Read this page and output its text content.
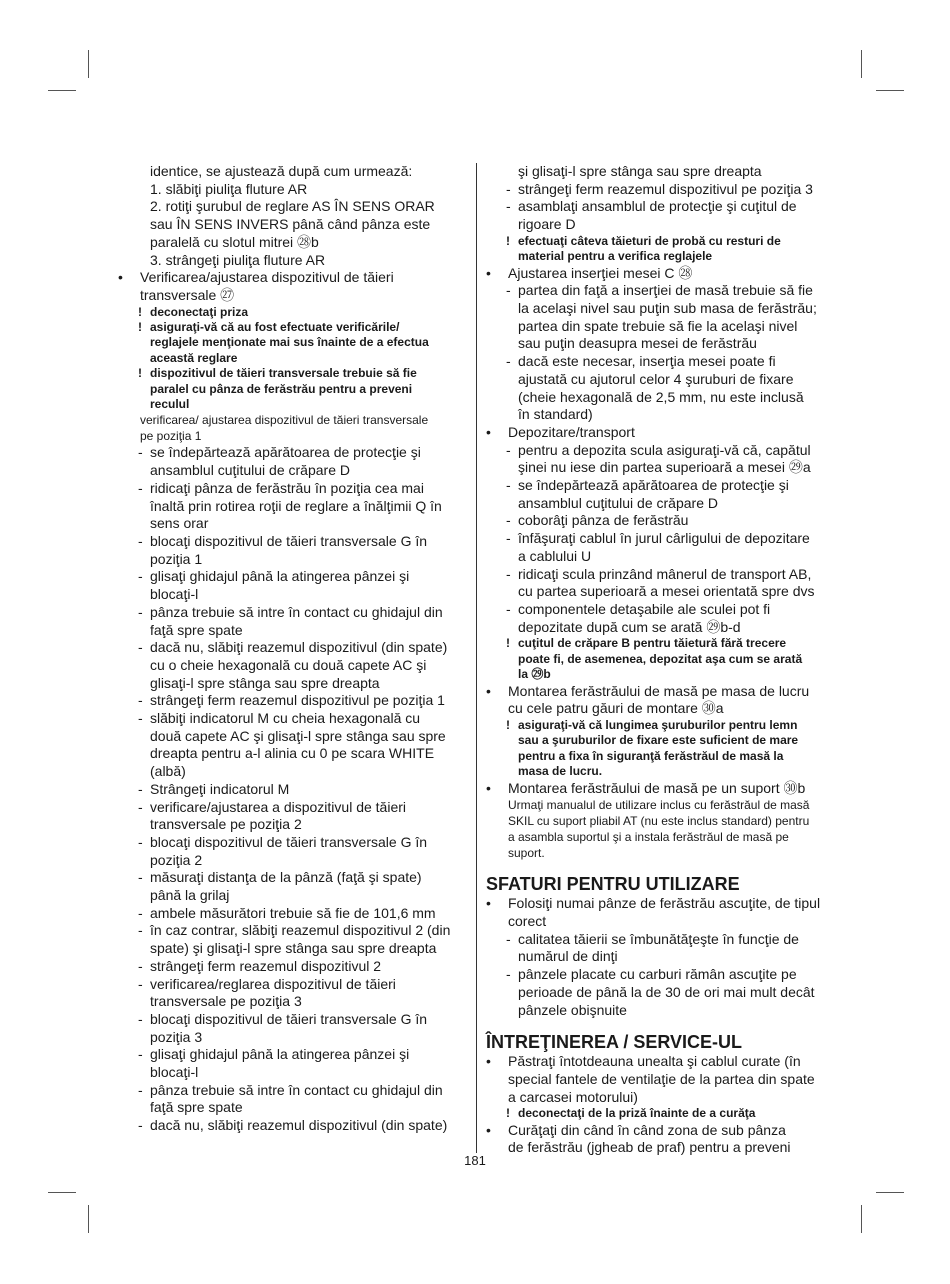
identice, se ajustează după cum urmează:
1. slăbiţi piuliţa fluture AR
2. rotiţi şurubul de reglare AS ÎN SENS ORAR
sau ÎN SENS INVERS până când pânza este
paralelă cu slotul mitrei ㉘b
3. strângeţi piuliţa fluture AR
• Verificarea/ajustarea dispozitivul de tăieri
transversale ㉗
! deconectaţi priza
! asiguraţi-vă că au fost efectuate verificările/
reglajele menţionate mai sus înainte de a efectua
această reglare
! dispozitivul de tăieri transversale trebuie să fie
paralel cu pânza de ferăstrău pentru a preveni
reculul
verificarea/ ajustarea dispozitivul de tăieri transversale
pe poziţia 1
- se îndepărtează apărătoarea de protecţie şi
ansamblul cuţitului de crăpare D
- ridicaţi pânza de ferăstrău în poziţia cea mai
înaltă prin rotirea roţii de reglare a înălţimii Q în
sens orar
- blocaţi dispozitivul de tăieri transversale G în
poziţia 1
- glisaţi ghidajul până la atingerea pânzei şi
blocaţi-l
- pânza trebuie să intre în contact cu ghidajul din
faţă spre spate
- dacă nu, slăbiţi reazemul dispozitivul (din spate)
cu o cheie hexagonală cu două capete AC şi
glisaţi-l spre stânga sau spre dreapta
- strângeţi ferm reazemul dispozitivul pe poziţia 1
- slăbiţi indicatorul M cu cheia hexagonală cu
două capete AC şi glisaţi-l spre stânga sau spre
dreapta pentru a-l alinia cu 0 pe scara WHITE
(albă)
- Strângeţi indicatorul M
- verificare/ajustarea a dispozitivul de tăieri
transversale pe poziţia 2
- blocaţi dispozitivul de tăieri transversale G în
poziţia 2
- măsuraţi distanţa de la pânză (faţă şi spate)
până la grilaj
- ambele măsurători trebuie să fie de 101,6 mm
- în caz contrar, slăbiţi reazemul dispozitivul 2 (din
spate) şi glisaţi-l spre stânga sau spre dreapta
- strângeţi ferm reazemul dispozitivul 2
- verificarea/reglarea dispozitivul de tăieri
transversale pe poziţia 3
- blocaţi dispozitivul de tăieri transversale G în
poziţia 3
- glisaţi ghidajul până la atingerea pânzei şi
blocaţi-l
- pânza trebuie să intre în contact cu ghidajul din
faţă spre spate
- dacă nu, slăbiţi reazemul dispozitivul (din spate)
şi glisaţi-l spre stânga sau spre dreapta
- strângeţi ferm reazemul dispozitivul pe poziţia 3
- asamblaţi ansamblul de protecţie şi cuţitul de
rigoare D
! efectuaţi câteva tăieturi de probă cu resturi de
material pentru a verifica reglajele
• Ajustarea inserţiei mesei C ㉘
- partea din faţă a inserţiei de masă trebuie să fie
la acelaşi nivel sau puţin sub masa de ferăstrău;
partea din spate trebuie să fie la acelaşi nivel
sau puţin deasupra mesei de ferăstrău
- dacă este necesar, inserţia mesei poate fi
ajustată cu ajutorul celor 4 şuruburi de fixare
(cheie hexagonală de 2,5 mm, nu este inclusă
în standard)
• Depozitare/transport
- pentru a depozita scula asiguraţi-vă că, capătul
şinei nu iese din partea superioară a mesei ㉙a
- se îndepărtează apărătoarea de protecţie şi
ansamblul cuţitului de crăpare D
- coborâţi pânza de ferăstrău
- înfăşuraţi cablul în jurul cârligului de depozitare
a cablului U
- ridicaţi scula prinzând mânerul de transport AB,
cu partea superioară a mesei orientată spre dvs
- componentele detaşabile ale sculei pot fi
depozitate după cum se arată ㉙b-d
! cuţitul de crăpare B pentru tăietură fără trecere
poate fi, de asemenea, depozitat aşa cum se arată
la ㉙b
• Montarea ferăstrăului de masă pe masa de lucru
cu cele patru găuri de montare ㉚a
! asiguraţi-vă că lungimea şuruburilor pentru lemn
sau a şuruburilor de fixare este suficient de mare
pentru a fixa în siguranţă ferăstrăul de masă la
masa de lucru.
• Montarea ferăstrăului de masă pe un suport ㉚b
Urmaţi manualul de utilizare inclus cu ferăstrăul de masă
SKIL cu suport pliabil AT (nu este inclus standard) pentru
a asambla suportul şi a instala ferăstrăul de masă pe
suport.
SFATURI PENTRU UTILIZARE
• Folosiţi numai pânze de ferăstrău ascuţite, de tipul
corect
- calitatea tăierii se îmbunătăţeşte în funcţie de
numărul de dinţi
- pânzele placate cu carburi rămân ascuţite pe
perioade de până la de 30 de ori mai mult decât
pânzele obişnuite
ÎNTREŢINEREA / SERVICE-UL
• Păstraţi întotdeauna unealta şi cablul curate (în
special fantele de ventilaţie de la partea din spate
a carcasei motorului)
! deconectaţi de la priză înainte de a curăţa
• Curăţaţi din când în când zona de sub pânza
de ferăstrău (jgheab de praf) pentru a preveni
181
